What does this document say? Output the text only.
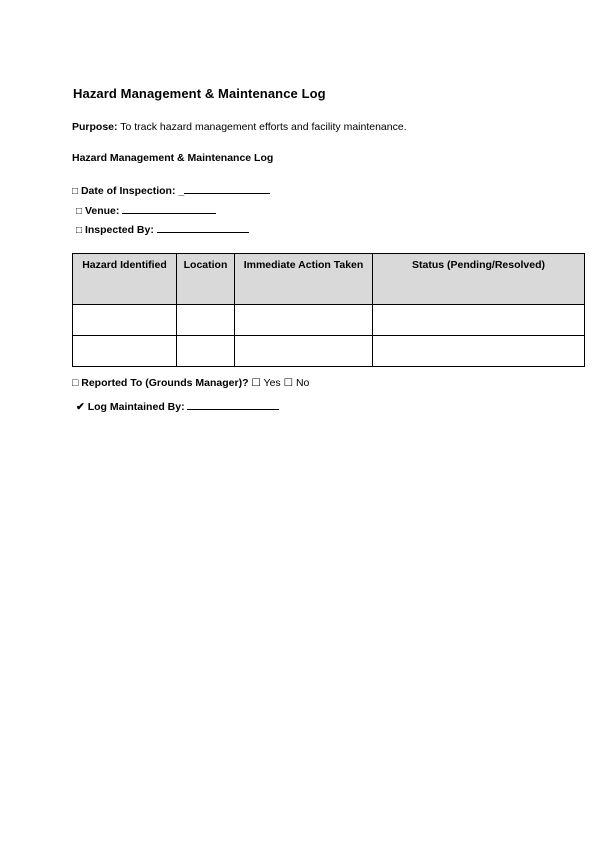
Hazard Management & Maintenance Log
Purpose: To track hazard management efforts and facility maintenance.
Hazard Management & Maintenance Log
□ Date of Inspection: _
□ Venue:
□ Inspected By:
Hazard Identified	Location	Immediate Action Taken	Status (Pending/Resolved)

□ Reported To (Grounds Manager)? ☐ Yes ☐ No
✔ Log Maintained By:
